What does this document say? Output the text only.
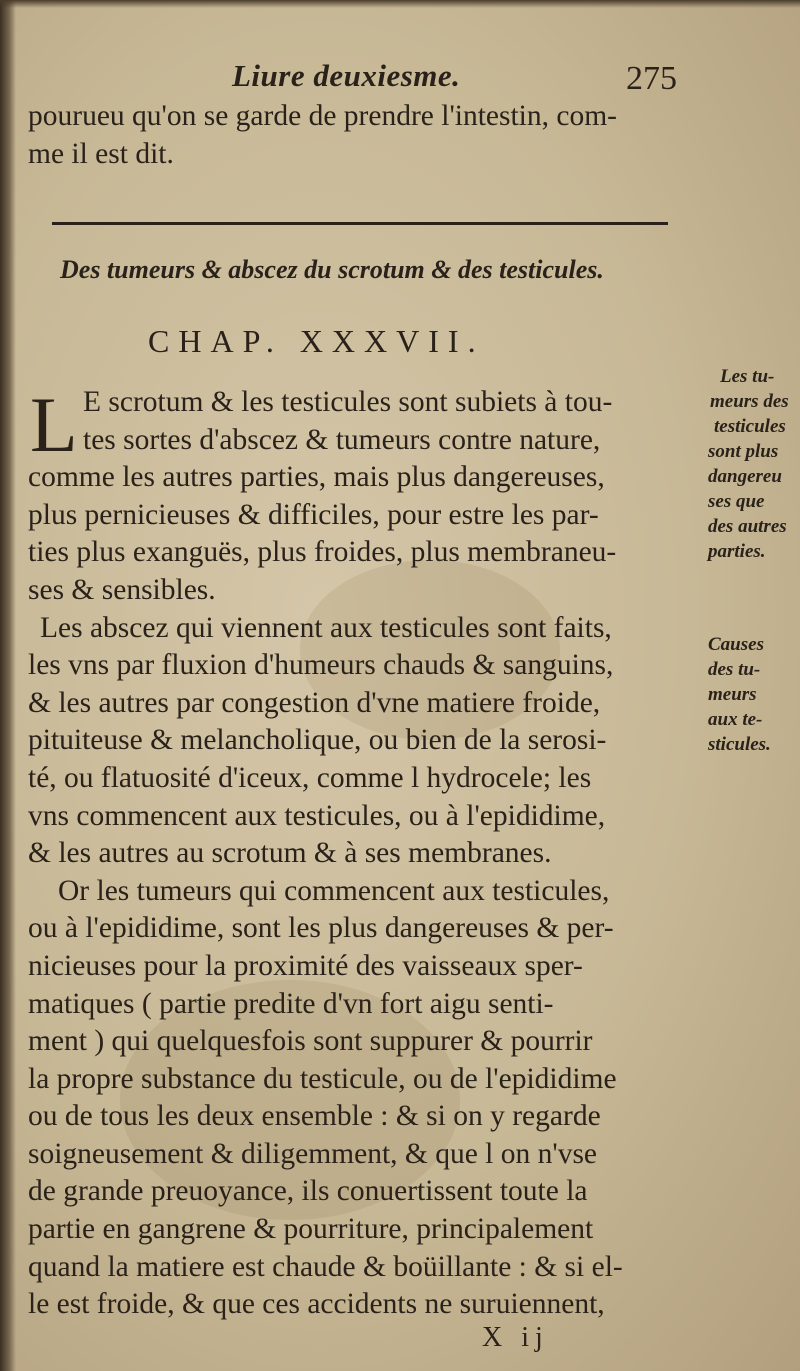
Liure deuxiesme.	275
pourueu qu'on se garde de prendre l'intestin, com-
me il est dit.
Des tumeurs & abscez du scrotum & des testicules.
CHAP. XXXVII.
L E scrotum & les testicules sont subiets à tou-
tes sortes d'abscez & tumeurs contre nature,
comme les autres parties, mais plus dangereuses,
plus pernicieuses & difficiles, pour estre les par-
ties plus exanguës, plus froides, plus membraneu-
ses & sensibles.
Les abscez qui viennent aux testicules sont faits,
les vns par fluxion d'humeurs chauds & sanguins,
& les autres par congestion d'vne matiere froide,
pituiteuse & melancholique, ou bien de la serosi-
té, ou flatuosité d'iceux, comme l hydrocele; les
vns commencent aux testicules, ou à l'epididime,
& les autres au scrotum & à ses membranes.
Or les tumeurs qui commencent aux testicules,
ou à l'epididime, sont les plus dangereuses & per-
nicieuses pour la proximité des vaisseaux sper-
matiques ( partie predite d'vn fort aigu senti-
ment ) qui quelquesfois sont suppurer & pourrir
la propre substance du testicule, ou de l'epididime
ou de tous les deux ensemble : & si on y regarde
soigneusement & diligemment, & que l on n'vse
de grande preuoyance, ils conuertissent toute la
partie en gangrene & pourriture, principalement
quand la matiere est chaude & boüillante : & si el-
le est froide, & que ces accidents ne suruiennent,
Les tu-
meurs des
testicules
sont plus
dangereu
ses que
des autres
parties.
Causes
des tu-
meurs
aux te-
sticules.
X ij
